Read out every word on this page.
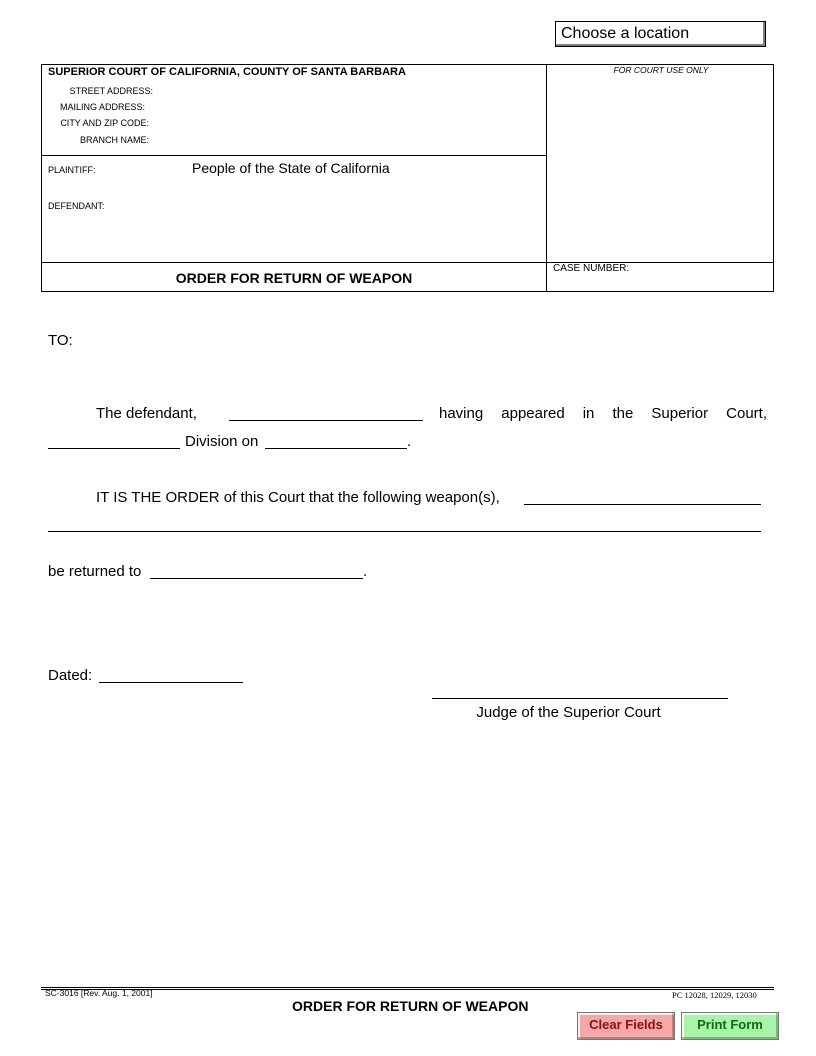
Choose a location
SUPERIOR COURT OF CALIFORNIA, COUNTY OF SANTA BARBARA
STREET ADDRESS:
MAILING ADDRESS:
CITY AND ZIP CODE:
BRANCH NAME:
FOR COURT USE ONLY
PLAINTIFF:	People of the State of California
DEFENDANT:
ORDER FOR RETURN OF WEAPON
CASE NUMBER:
TO:
The defendant,	having appeared in the Superior Court,
Division on	.
IT IS THE ORDER of this Court that the following weapon(s),
be returned to	.
Dated:
Judge of the Superior Court
SC-3016 [Rev. Aug. 1, 2001]
ORDER FOR RETURN OF WEAPON
PC 12028, 12029, 12030
Clear Fields	Print Form
